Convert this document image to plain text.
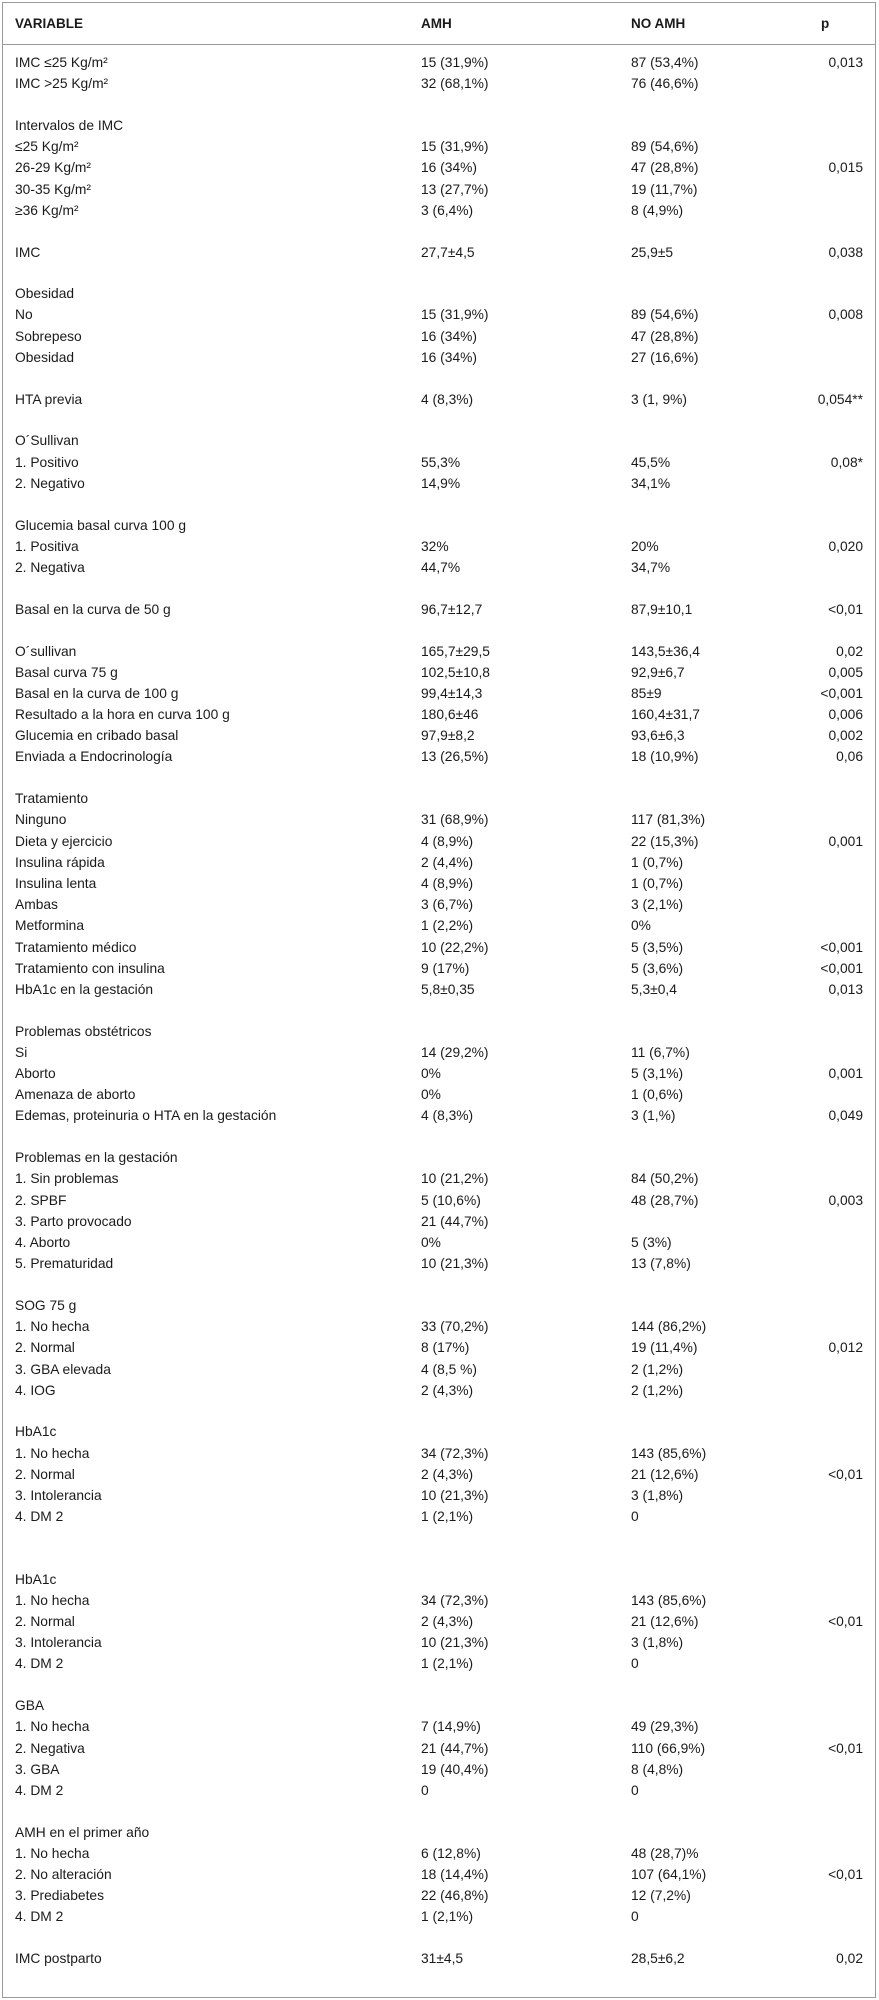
VARIABLE	AMH	NO AMH	p
IMC ≤25 Kg/m²	15 (31,9%)	87 (53,4%)	0,013
IMC >25 Kg/m²	32 (68,1%)	76 (46,6%)
Intervalos de IMC
≤25 Kg/m²	15 (31,9%)	89 (54,6%)
26-29 Kg/m²	16 (34%)	47 (28,8%)	0,015
30-35 Kg/m²	13 (27,7%)	19 (11,7%)
≥36 Kg/m²	3 (6,4%)	8 (4,9%)
IMC	27,7±4,5	25,9±5	0,038
Obesidad
No	15 (31,9%)	89 (54,6%)	0,008
Sobrepeso	16 (34%)	47 (28,8%)
Obesidad	16 (34%)	27 (16,6%)
HTA previa	4 (8,3%)	3 (1, 9%)	0,054**
O´Sullivan
1. Positivo	55,3%	45,5%	0,08*
2. Negativo	14,9%	34,1%
Glucemia basal curva 100 g
1. Positiva	32%	20%	0,020
2. Negativa	44,7%	34,7%
Basal en la curva de 50 g	96,7±12,7	87,9±10,1	<0,01
O´sullivan	165,7±29,5	143,5±36,4	0,02
Basal curva 75 g	102,5±10,8	92,9±6,7	0,005
Basal en la curva de 100 g	99,4±14,3	85±9	<0,001
Resultado a la hora en curva 100 g	180,6±46	160,4±31,7	0,006
Glucemia en cribado basal	97,9±8,2	93,6±6,3	0,002
Enviada a Endocrinología	13 (26,5%)	18 (10,9%)	0,06
Tratamiento
Ninguno	31 (68,9%)	117 (81,3%)
Dieta y ejercicio	4 (8,9%)	22 (15,3%)	0,001
Insulina rápida	2 (4,4%)	1 (0,7%)
Insulina lenta	4 (8,9%)	1 (0,7%)
Ambas	3 (6,7%)	3 (2,1%)
Metformina	1 (2,2%)	0%
Tratamiento médico	10 (22,2%)	5 (3,5%)	<0,001
Tratamiento con insulina	9 (17%)	5 (3,6%)	<0,001
HbA1c en la gestación	5,8±0,35	5,3±0,4	0,013
Problemas obstétricos
Si	14 (29,2%)	11 (6,7%)
Aborto	0%	5 (3,1%)	0,001
Amenaza de aborto	0%	1 (0,6%)
Edemas, proteinuria o HTA en la gestación	4 (8,3%)	3 (1,%)	0,049
Problemas en la gestación
1. Sin problemas	10 (21,2%)	84 (50,2%)
2. SPBF	5 (10,6%)	48 (28,7%)	0,003
3. Parto provocado	21 (44,7%)
4. Aborto	0%	5 (3%)
5. Prematuridad	10 (21,3%)	13 (7,8%)
SOG 75 g
1. No hecha	33 (70,2%)	144 (86,2%)
2. Normal	8 (17%)	19 (11,4%)	0,012
3. GBA elevada	4 (8,5 %)	2 (1,2%)
4. IOG	2 (4,3%)	2 (1,2%)
HbA1c
1. No hecha	34 (72,3%)	143 (85,6%)
2. Normal	2 (4,3%)	21 (12,6%)	<0,01
3. Intolerancia	10 (21,3%)	3 (1,8%)
4. DM 2	1 (2,1%)	0
HbA1c
1. No hecha	34 (72,3%)	143 (85,6%)
2. Normal	2 (4,3%)	21 (12,6%)	<0,01
3. Intolerancia	10 (21,3%)	3 (1,8%)
4. DM 2	1 (2,1%)	0
GBA
1. No hecha	7 (14,9%)	49 (29,3%)
2. Negativa	21 (44,7%)	110 (66,9%)	<0,01
3. GBA	19 (40,4%)	8 (4,8%)
4. DM 2	0	0
AMH en el primer año
1. No hecha	6 (12,8%)	48 (28,7)%
2. No alteración	18 (14,4%)	107 (64,1%)	<0,01
3. Prediabetes	22 (46,8%)	12 (7,2%)
4. DM 2	1 (2,1%)	0
IMC postparto	31±4,5	28,5±6,2	0,02
